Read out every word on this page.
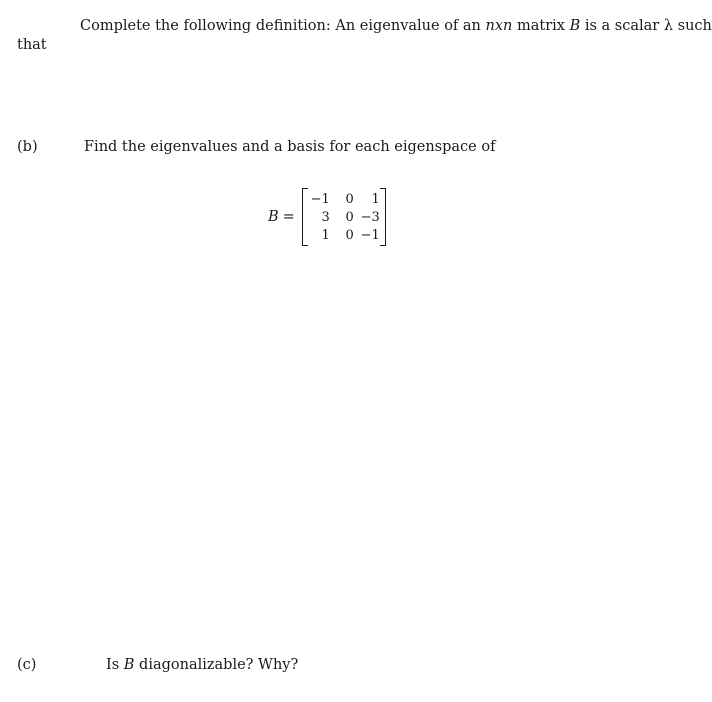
Complete the following definition: An eigenvalue of an nxn matrix B is a scalar λ such
that
(b)	Find the eigenvalues and a basis for each eigenspace of
B =
−1	0	1
3	0 −3
1	0 −1
(c)	Is B diagonalizable? Why?
